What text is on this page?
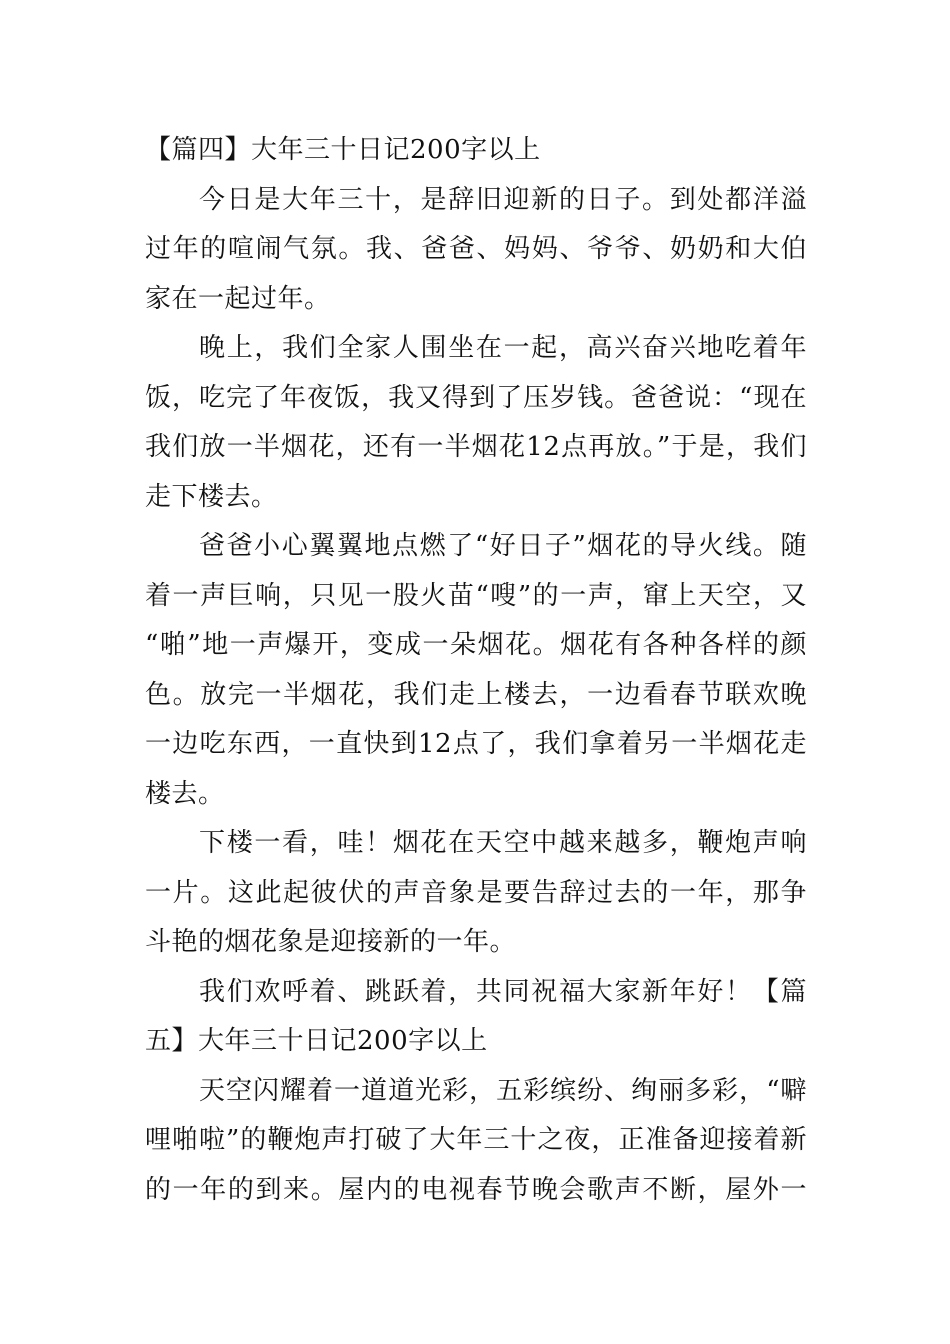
【篇四】大年三十日记200字以上
今日是大年三十，是辞旧迎新的日子。到处都洋溢
过年的喧闹气氛。我、爸爸、妈妈、爷爷、奶奶和大伯
家在一起过年。
晚上，我们全家人围坐在一起，高兴奋兴地吃着年
饭，吃完了年夜饭，我又得到了压岁钱。爸爸说：“现在
我们放一半烟花，还有一半烟花12点再放。”于是，我们
走下楼去。
爸爸小心翼翼地点燃了“好日子”烟花的导火线。随
着一声巨响，只见一股火苗“嗖”的一声，窜上天空，又
“啪”地一声爆开，变成一朵烟花。烟花有各种各样的颜
色。放完一半烟花，我们走上楼去，一边看春节联欢晚
一边吃东西，一直快到12点了，我们拿着另一半烟花走
楼去。
下楼一看，哇！烟花在天空中越来越多，鞭炮声响
一片。这此起彼伏的声音象是要告辞过去的一年，那争
斗艳的烟花象是迎接新的一年。
我们欢呼着、跳跃着，共同祝福大家新年好！【篇
五】大年三十日记200字以上
天空闪耀着一道道光彩，五彩缤纷、绚丽多彩，“噼
哩啪啦”的鞭炮声打破了大年三十之夜，正准备迎接着新
的一年的到来。屋内的电视春节晚会歌声不断，屋外一
